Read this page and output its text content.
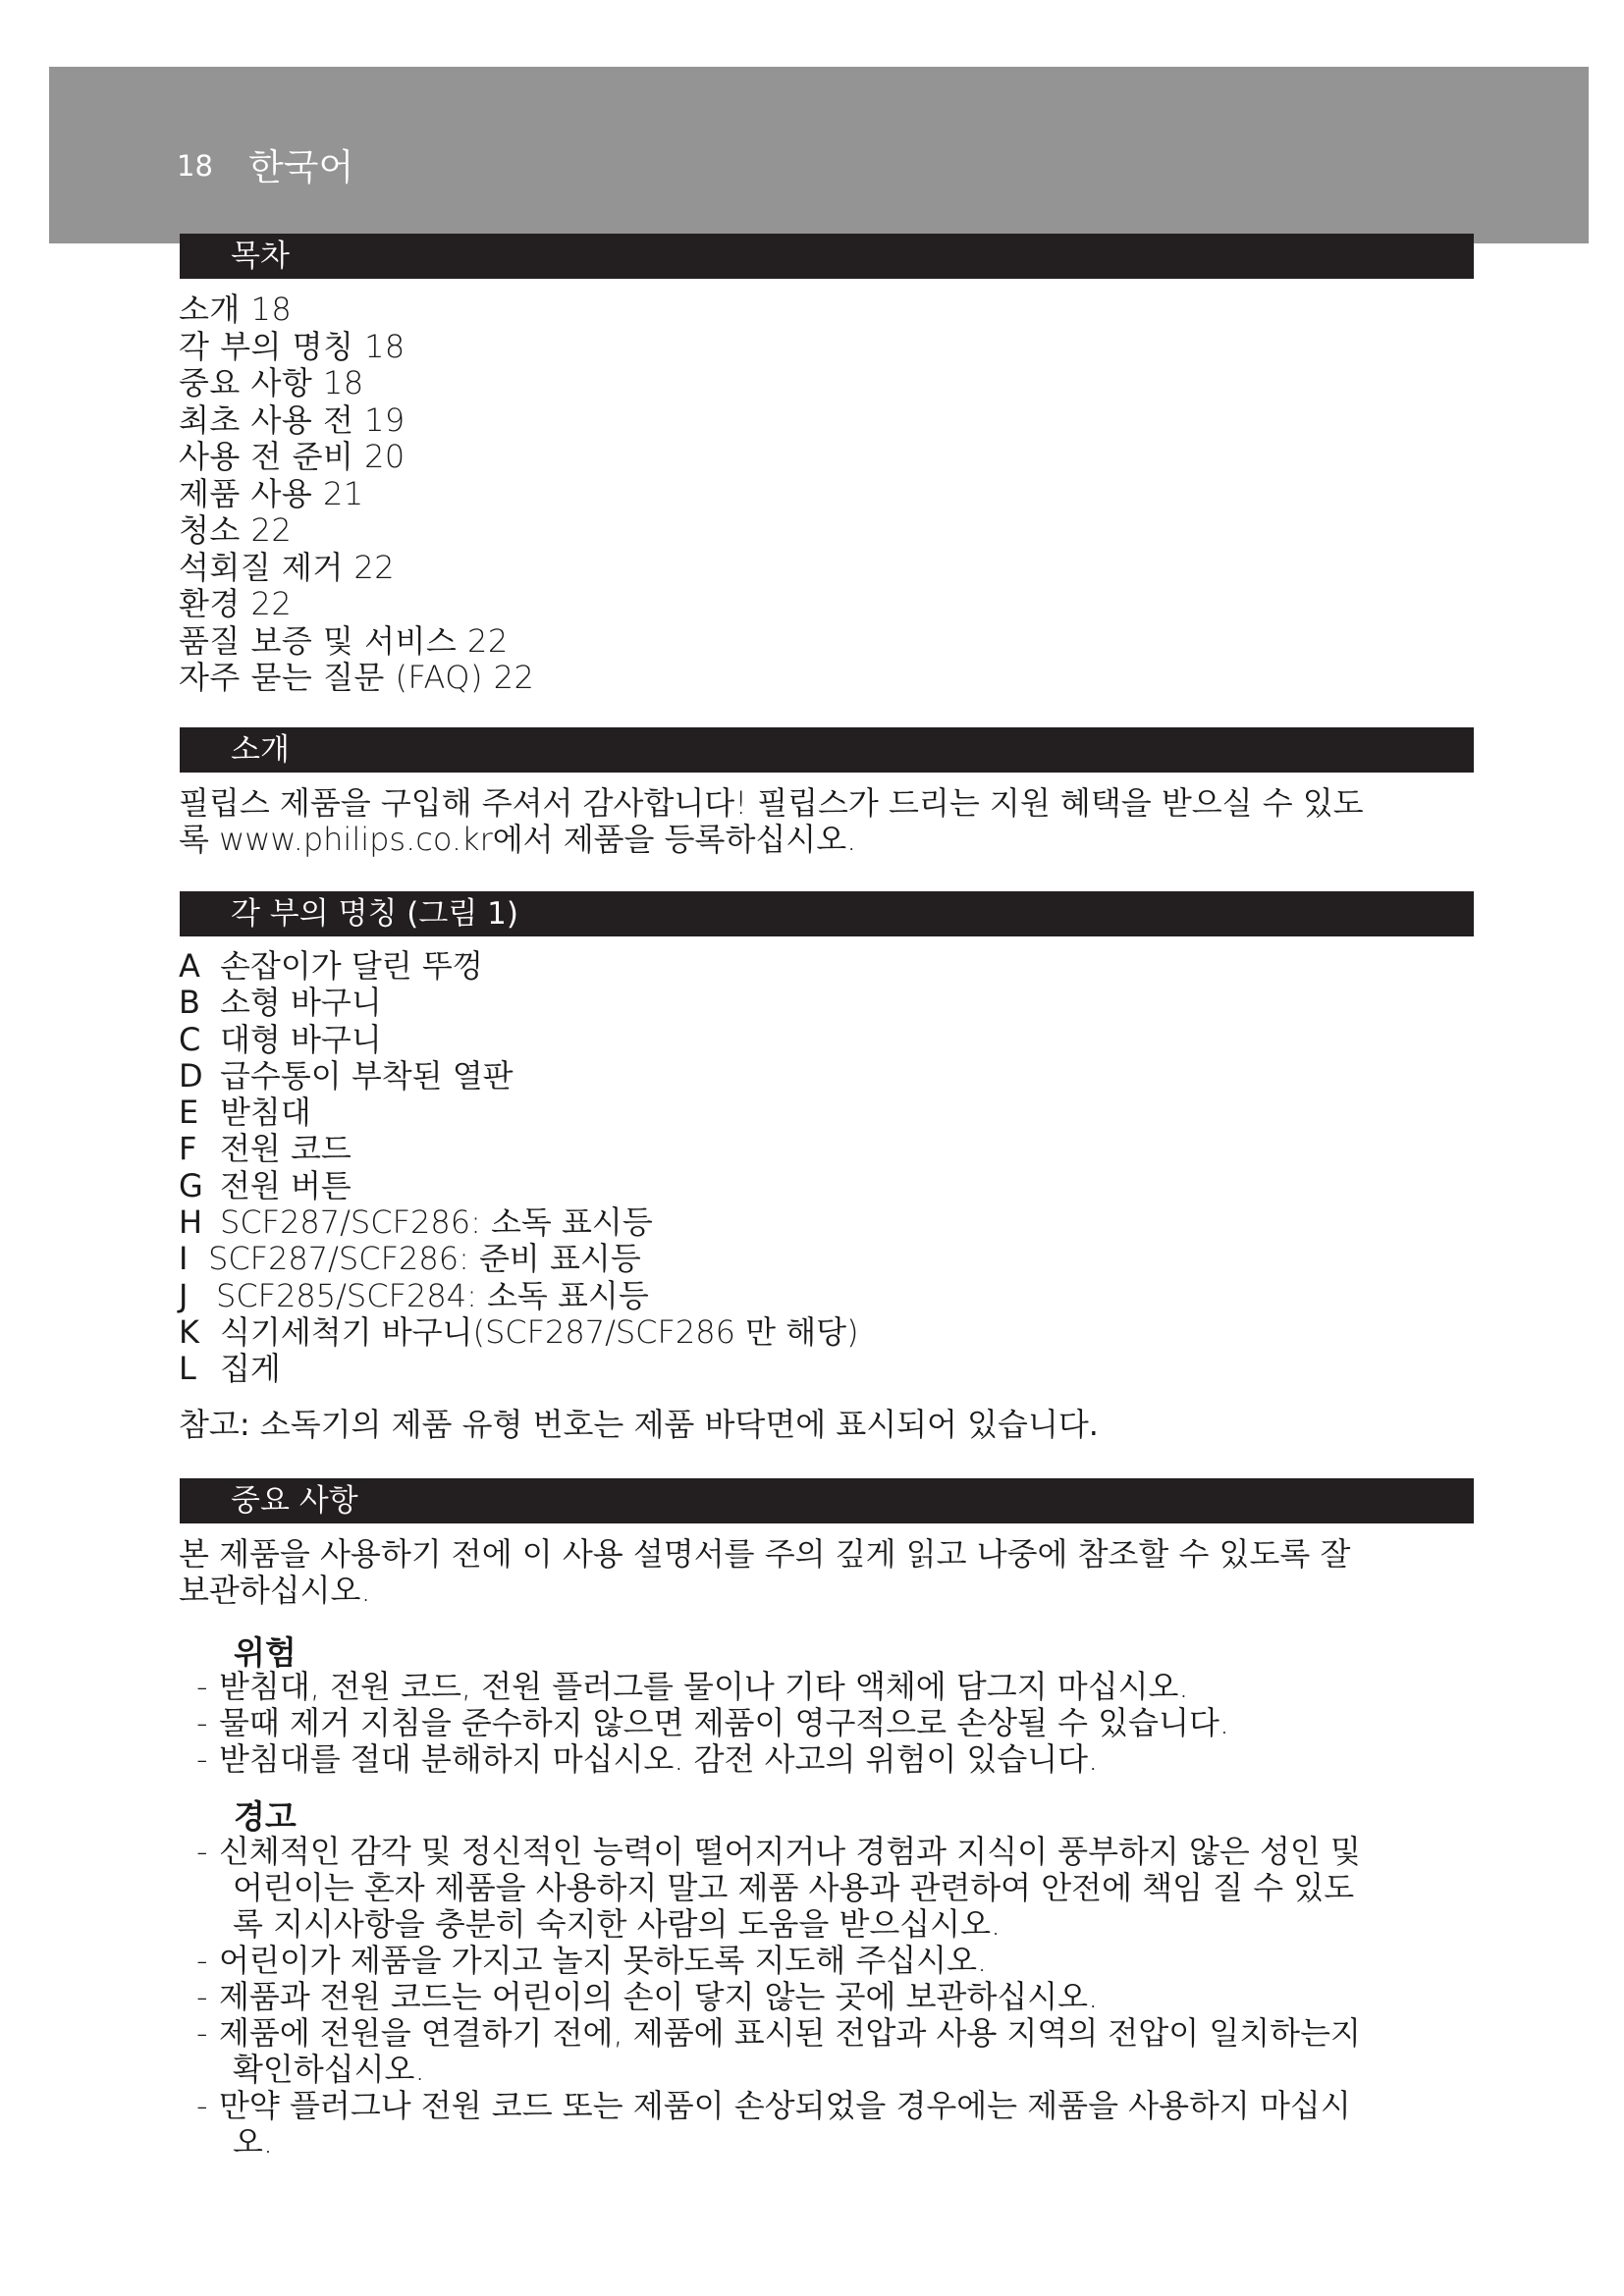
18 한국어
목차
소개 18
각 부의 명칭 18
중요 사항 18
최초 사용 전 19
사용 전 준비 20
제품 사용 21
청소 22
석회질 제거 22
환경 22
품질 보증 및 서비스 22
자주 묻는 질문 (FAQ) 22
소개
필립스 제품을 구입해 주셔서 감사합니다! 필립스가 드리는 지원 혜택을 받으실 수 있도
록 www.philips.co.kr에서 제품을 등록하십시오.
각 부의 명칭 (그림 1)
A 손잡이가 달린 뚜껑
B 소형 바구니
C 대형 바구니
D 급수통이 부착된 열판
E 받침대
F 전원 코드
G 전원 버튼
H SCF287/SCF286: 소독 표시등
I SCF287/SCF286: 준비 표시등
J SCF285/SCF284: 소독 표시등
K 식기세척기 바구니(SCF287/SCF286 만 해당)
L 집게
참고: 소독기의 제품 유형 번호는 제품 바닥면에 표시되어 있습니다.
중요 사항
본 제품을 사용하기 전에 이 사용 설명서를 주의 깊게 읽고 나중에 참조할 수 있도록 잘
보관하십시오.
위험
- 받침대, 전원 코드, 전원 플러그를 물이나 기타 액체에 담그지 마십시오.
- 물때 제거 지침을 준수하지 않으면 제품이 영구적으로 손상될 수 있습니다.
- 받침대를 절대 분해하지 마십시오. 감전 사고의 위험이 있습니다.
경고
- 신체적인 감각 및 정신적인 능력이 떨어지거나 경험과 지식이 풍부하지 않은 성인 및
어린이는 혼자 제품을 사용하지 말고 제품 사용과 관련하여 안전에 책임 질 수 있도
록 지시사항을 충분히 숙지한 사람의 도움을 받으십시오.
- 어린이가 제품을 가지고 놀지 못하도록 지도해 주십시오.
- 제품과 전원 코드는 어린이의 손이 닿지 않는 곳에 보관하십시오.
- 제품에 전원을 연결하기 전에, 제품에 표시된 전압과 사용 지역의 전압이 일치하는지
확인하십시오.
- 만약 플러그나 전원 코드 또는 제품이 손상되었을 경우에는 제품을 사용하지 마십시
오.
